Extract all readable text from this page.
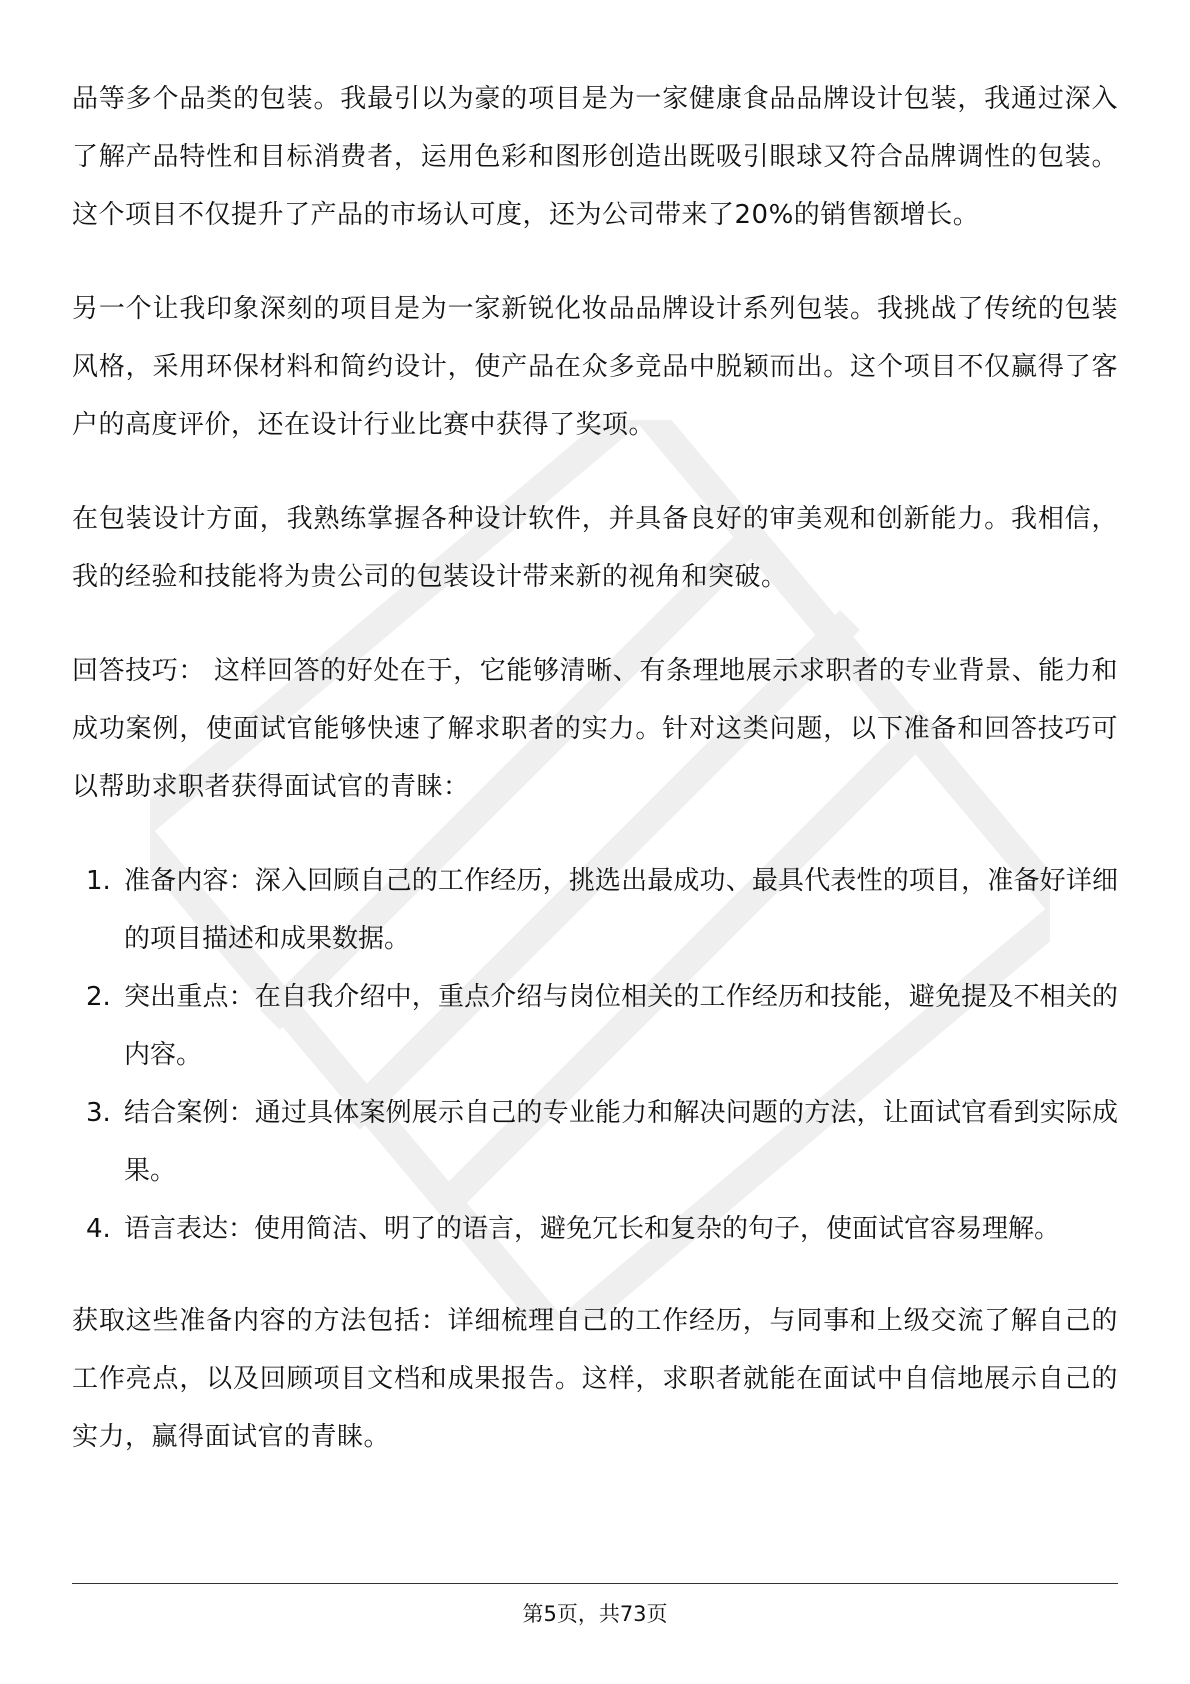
品等多个品类的包装。我最引以为豪的项目是为一家健康食品品牌设计包装，我通过深入了解产品特性和目标消费者，运用色彩和图形创造出既吸引眼球又符合品牌调性的包装。这个项目不仅提升了产品的市场认可度，还为公司带来了20%的销售额增长。

另一个让我印象深刻的项目是为一家新锐化妆品品牌设计系列包装。我挑战了传统的包装风格，采用环保材料和简约设计，使产品在众多竞品中脱颖而出。这个项目不仅赢得了客户的高度评价，还在设计行业比赛中获得了奖项。

在包装设计方面，我熟练掌握各种设计软件，并具备良好的审美观和创新能力。我相信，我的经验和技能将为贵公司的包装设计带来新的视角和突破。

回答技巧： 这样回答的好处在于，它能够清晰、有条理地展示求职者的专业背景、能力和成功案例，使面试官能够快速了解求职者的实力。针对这类问题，以下准备和回答技巧可以帮助求职者获得面试官的青睐：

1. 准备内容：深入回顾自己的工作经历，挑选出最成功、最具代表性的项目，准备好详细的项目描述和成果数据。
2. 突出重点：在自我介绍中，重点介绍与岗位相关的工作经历和技能，避免提及不相关的内容。
3. 结合案例：通过具体案例展示自己的专业能力和解决问题的方法，让面试官看到实际成果。
4. 语言表达：使用简洁、明了的语言，避免冗长和复杂的句子，使面试官容易理解。

获取这些准备内容的方法包括：详细梳理自己的工作经历，与同事和上级交流了解自己的工作亮点，以及回顾项目文档和成果报告。这样，求职者就能在面试中自信地展示自己的实力，赢得面试官的青睐。

第5页，共73页
